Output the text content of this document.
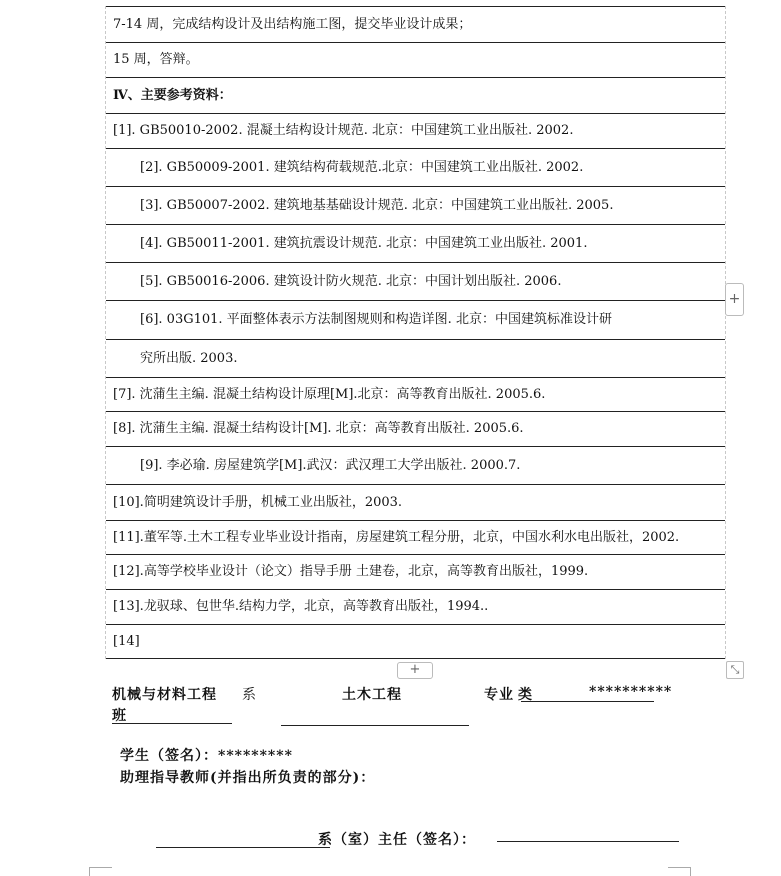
7-14 周，完成结构设计及出结构施工图，提交毕业设计成果；
15 周，答辩。
Ⅳ、主要参考资料：
[1]. GB50010-2002. 混凝土结构设计规范. 北京：中国建筑工业出版社. 2002.
[2]. GB50009-2001. 建筑结构荷载规范.北京：中国建筑工业出版社. 2002.
[3]. GB50007-2002. 建筑地基基础设计规范. 北京：中国建筑工业出版社. 2005.
[4]. GB50011-2001. 建筑抗震设计规范. 北京：中国建筑工业出版社. 2001.
[5]. GB50016-2006. 建筑设计防火规范. 北京：中国计划出版社. 2006.
[6]. 03G101. 平面整体表示方法制图规则和构造详图. 北京：中国建筑标准设计研
究所出版. 2003.
[7]. 沈蒲生主编. 混凝土结构设计原理[M].北京：高等教育出版社. 2005.6.
[8]. 沈蒲生主编. 混凝土结构设计[M]. 北京：高等教育出版社. 2005.6.
[9]. 李必瑜. 房屋建筑学[M].武汉：武汉理工大学出版社. 2000.7.
[10].简明建筑设计手册，机械工业出版社，2003.
[11].董军等.土木工程专业毕业设计指南，房屋建筑工程分册，北京，中国水利水电出版社，2002.
[12].高等学校毕业设计（论文）指导手册 土建卷，北京，高等教育出版社，1999.
[13].龙驭球、包世华.结构力学，北京，高等教育出版社，1994..
[14]
+
+	⤡
机械与材料工程 系	土木工程	专业 类	**********
班
学生（签名）：*********
助理指导教师(并指出所负责的部分)：
系（室）主任（签名）：
